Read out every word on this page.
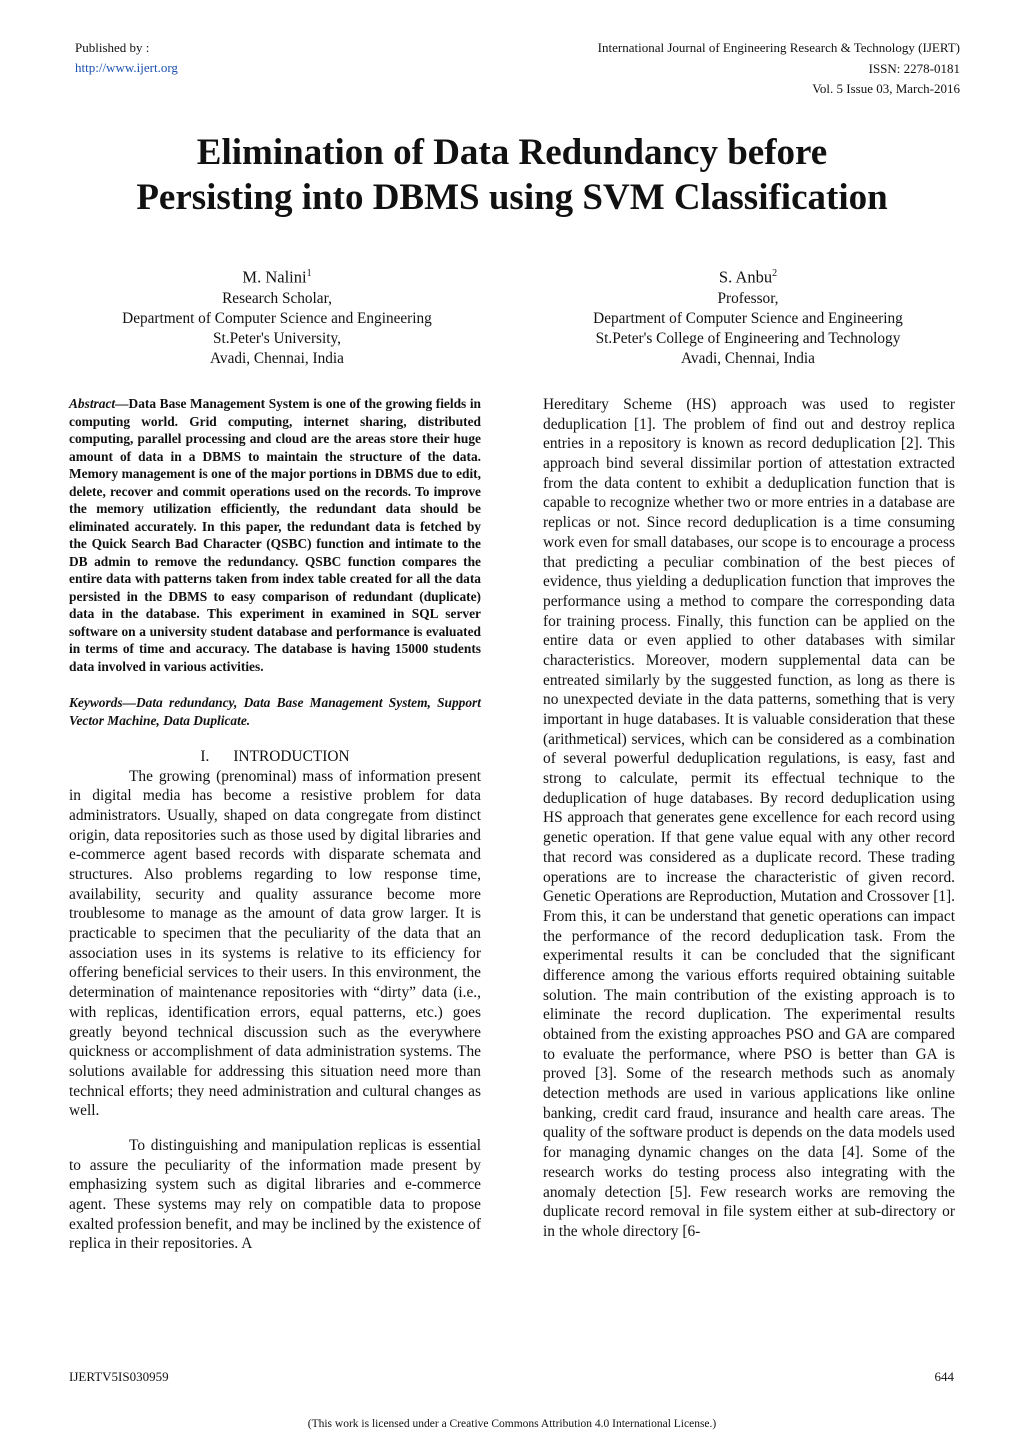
Published by :
http://www.ijert.org
International Journal of Engineering Research & Technology (IJERT)
ISSN: 2278-0181
Vol. 5 Issue 03, March-2016
Elimination of Data Redundancy before
Persisting into DBMS using SVM Classification
M. Nalini$^1$
Research Scholar,
Department of Computer Science and Engineering
St.Peter's University,
Avadi, Chennai, India
S. Anbu$^2$
Professor,
Department of Computer Science and Engineering
St.Peter's College of Engineering and Technology
Avadi, Chennai, India

Abstract—Data Base Management System is one of the growing fields in computing world. Grid computing, internet sharing, distributed computing, parallel processing and cloud are the areas store their huge amount of data in a DBMS to maintain the structure of the data. Memory management is one of the major portions in DBMS due to edit, delete, recover and commit operations used on the records. To improve the memory utilization efficiently, the redundant data should be eliminated accurately. In this paper, the redundant data is fetched by the Quick Search Bad Character (QSBC) function and intimate to the DB admin to remove the redundancy. QSBC function compares the entire data with patterns taken from index table created for all the data persisted in the DBMS to easy comparison of redundant (duplicate) data in the database. This experiment in examined in SQL server software on a university student database and performance is evaluated in terms of time and accuracy. The database is having 15000 students data involved in various activities.

Keywords—Data redundancy, Data Base Management System, Support Vector Machine, Data Duplicate.

I. INTRODUCTION

The growing (prenominal) mass of information present in digital media has become a resistive problem for data administrators. Usually, shaped on data congregate from distinct origin, data repositories such as those used by digital libraries and e-commerce agent based records with disparate schemata and structures. Also problems regarding to low response time, availability, security and quality assurance become more troublesome to manage as the amount of data grow larger. It is practicable to specimen that the peculiarity of the data that an association uses in its systems is relative to its efficiency for offering beneficial services to their users. In this environment, the determination of maintenance repositories with “dirty” data (i.e., with replicas, identification errors, equal patterns, etc.) goes greatly beyond technical discussion such as the everywhere quickness or accomplishment of data administration systems. The solutions available for addressing this situation need more than technical efforts; they need administration and cultural changes as well.

To distinguishing and manipulation replicas is essential to assure the peculiarity of the information made present by emphasizing system such as digital libraries and e-commerce agent. These systems may rely on compatible data to propose exalted profession benefit, and may be inclined by the existence of replica in their repositories. A

Hereditary Scheme (HS) approach was used to register deduplication [1]. The problem of find out and destroy replica entries in a repository is known as record deduplication [2]. This approach bind several dissimilar portion of attestation extracted from the data content to exhibit a deduplication function that is capable to recognize whether two or more entries in a database are replicas or not. Since record deduplication is a time consuming work even for small databases, our scope is to encourage a process that predicting a peculiar combination of the best pieces of evidence, thus yielding a deduplication function that improves the performance using a method to compare the corresponding data for training process. Finally, this function can be applied on the entire data or even applied to other databases with similar characteristics. Moreover, modern supplemental data can be entreated similarly by the suggested function, as long as there is no unexpected deviate in the data patterns, something that is very important in huge databases. It is valuable consideration that these (arithmetical) services, which can be considered as a combination of several powerful deduplication regulations, is easy, fast and strong to calculate, permit its effectual technique to the deduplication of huge databases. By record deduplication using HS approach that generates gene excellence for each record using genetic operation. If that gene value equal with any other record that record was considered as a duplicate record. These trading operations are to increase the characteristic of given record. Genetic Operations are Reproduction, Mutation and Crossover [1]. From this, it can be understand that genetic operations can impact the performance of the record deduplication task. From the experimental results it can be concluded that the significant difference among the various efforts required obtaining suitable solution. The main contribution of the existing approach is to eliminate the record duplication. The experimental results obtained from the existing approaches PSO and GA are compared to evaluate the performance, where PSO is better than GA is proved [3]. Some of the research methods such as anomaly detection methods are used in various applications like online banking, credit card fraud, insurance and health care areas. The quality of the software product is depends on the data models used for managing dynamic changes on the data [4]. Some of the research works do testing process also integrating with the anomaly detection [5]. Few research works are removing the duplicate record removal in file system either at sub-directory or in the whole directory [6-

IJERTV5IS030959	644
(This work is licensed under a Creative Commons Attribution 4.0 International License.)
